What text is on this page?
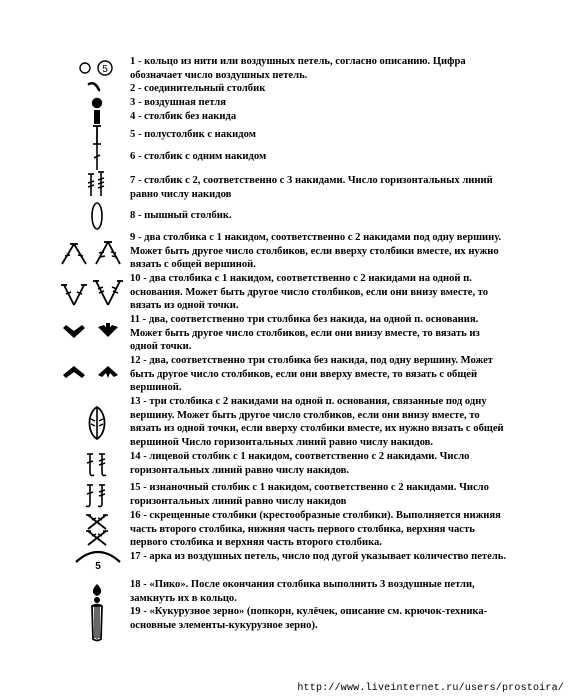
5
1 - кольцо из нити или воздушных петель, согласно описанию. Цифра обозначает число воздушных петель.
2 - соединительный столбик
3 - воздушная петля
4 - столбик без накида
5 - полустолбик с накидом
6 - столбик с одним накидом
7 - столбик с 2, соответственно с 3 накидами. Число горизонтальных линий равно числу накидов
8 - пышный столбик.
9 - два столбика с 1 накидом, соответственно с 2 накидами под одну вершину. Может быть другое число столбиков, если вверху столбики вместе, их нужно вязать с общей вершиной.
10 - два столбика с 1 накидом, соответственно с 2 накидами на одной п. основания. Может быть другое число столбиков, если они внизу вместе, то вязать из одной точки.
11 - два, соответственно три столбика без накида, на одной п. основания. Может быть другое число столбиков, если они внизу вместе, то вязать из одной точки.
12 - два, соответственно три столбика без накида, под одну вершину. Может быть другое число столбиков, если они вверху вместе, то вязать с общей вершиной.
13 - три столбика с 2 накидами на одной п. основания, связанные под одну вершину. Может быть другое число столбиков, если они внизу вместе, то вязать из одной точки, если вверху столбики вместе, их нужно вязать с общей вершиной Число горизонтальных линий равно числу накидов.
14 - лицевой столбик с 1 накидом, соответственно с 2 накидами. Число горизонтальных линий равно числу накидов.
15 - изнаночный столбик с 1 накидом, соответственно с 2 накидами. Число горизонтальных линий равно числу накидов
16 - скрещенные столбики (крестообразные столбики). Выполняется нижняя часть второго столбика, нижняя часть первого столбика, верхняя часть первого столбика и верхняя часть второго столбика.
5
17 - арка из воздушных петель, число под дугой указывает количество петель.
18 - «Пико». После окончания столбика выполнить 3 воздушные петли, замкнуть их в кольцо.
19 - «Кукурузное зерно» (попкорн, кулёчек, описание см. крючок-техника-основные элементы-кукурузное зерно).
http://www.liveinternet.ru/users/prostoira/
